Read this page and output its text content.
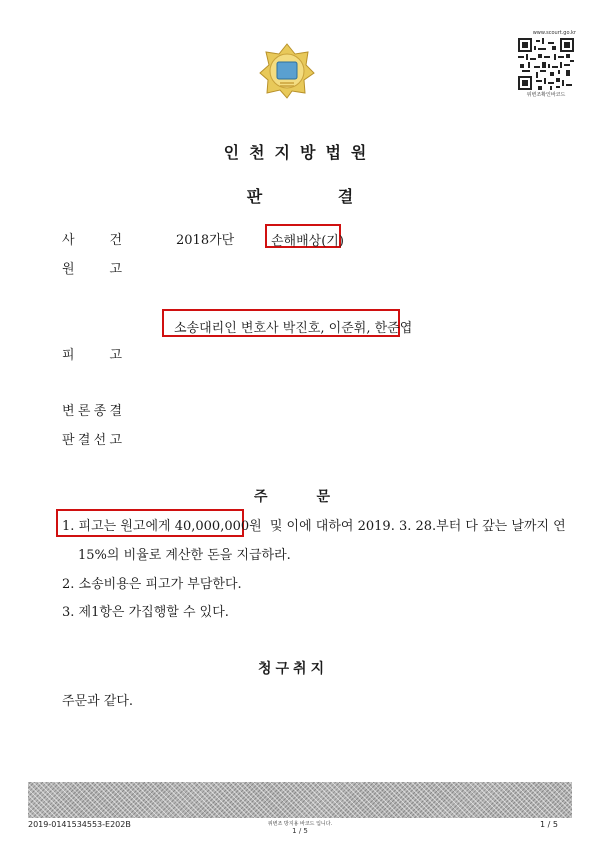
www.scourt.go.kr
위변조확인바코드
인천지방법원
판	결
사	건	2018가단	손해배상(기)
원	고
소송대리인 변호사 박진호, 이준휘, 한준엽
피	고
변 론 종 결
판 결 선 고
주	문
1. 피고는 원고에게 40,000,000원 및 이에 대하여 2019. 3. 28.부터 다 갚는 날까지 연
15%의 비율로 계산한 돈을 지급하라.
2. 소송비용은 피고가 부담한다.
3. 제1항은 가집행할 수 있다.
청구취지
주문과 같다.
2019-0141534553-E202B	위변조 방지용 바코드 입니다.
1 / 5
1 / 5
